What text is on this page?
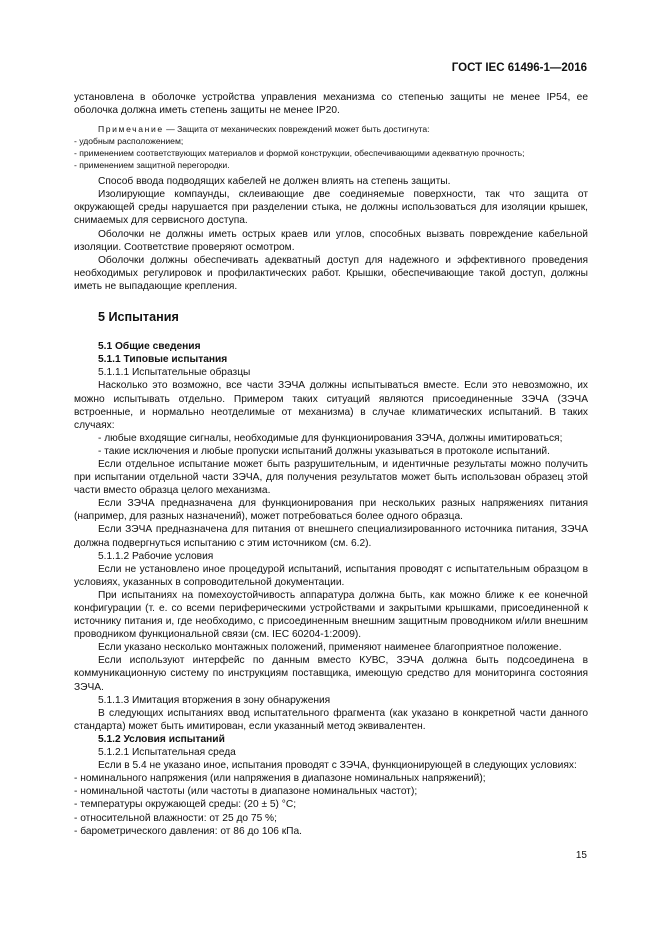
ГОСТ IEC 61496-1—2016

установлена в оболочке устройства управления механизма со степенью защиты не менее IP54, ее оболочка должна иметь степень защиты не менее IP20.

Примечание — Защита от механических повреждений может быть достигнута:

- удобным расположением;

- применением соответствующих материалов и формой конструкции, обеспечивающими адекватную прочность;

- применением защитной перегородки.

Способ ввода подводящих кабелей не должен влиять на степень защиты.

Изолирующие компаунды, склеивающие две соединяемые поверхности, так что защита от окружающей среды нарушается при разделении стыка, не должны использоваться для изоляции крышек, снимаемых для сервисного доступа.

Оболочки не должны иметь острых краев или углов, способных вызвать повреждение кабельной изоляции. Соответствие проверяют осмотром.

Оболочки должны обеспечивать адекватный доступ для надежного и эффективного проведения необходимых регулировок и профилактических работ. Крышки, обеспечивающие такой доступ, должны иметь не выпадающие крепления.

5 Испытания

5.1 Общие сведения

5.1.1 Типовые испытания

5.1.1.1 Испытательные образцы

Насколько это возможно, все части ЗЭЧА должны испытываться вместе. Если это невозможно, их можно испытывать отдельно. Примером таких ситуаций являются присоединенные ЗЭЧА (ЗЭЧА встроенные, и нормально неотделимые от механизма) в случае климатических испытаний. В таких случаях:

- любые входящие сигналы, необходимые для функционирования ЗЭЧА, должны имитироваться;

- такие исключения и любые пропуски испытаний должны указываться в протоколе испытаний.

Если отдельное испытание может быть разрушительным, и идентичные результаты можно получить при испытании отдельной части ЗЭЧА, для получения результатов может быть использован образец этой части вместо образца целого механизма.

Если ЗЭЧА предназначена для функционирования при нескольких разных напряжениях питания (например, для разных назначений), может потребоваться более одного образца.

Если ЗЭЧА предназначена для питания от внешнего специализированного источника питания, ЗЭЧА должна подвергнуться испытанию с этим источником (см. 6.2).

5.1.1.2 Рабочие условия

Если не установлено иное процедурой испытаний, испытания проводят с испытательным образцом в условиях, указанных в сопроводительной документации.

При испытаниях на помехоустойчивость аппаратура должна быть, как можно ближе к ее конечной конфигурации (т. е. со всеми периферическими устройствами и закрытыми крышками, присоединенной к источнику питания и, где необходимо, с присоединенным внешним защитным проводником и/или внешним проводником функциональной связи (см. IEC 60204-1:2009).

Если указано несколько монтажных положений, применяют наименее благоприятное положение.

Если используют интерфейс по данным вместо КУВС, ЗЭЧА должна быть подсоединена в коммуникационную систему по инструкциям поставщика, имеющую средство для мониторинга состояния ЗЭЧА.

5.1.1.3 Имитация вторжения в зону обнаружения

В следующих испытаниях ввод испытательного фрагмента (как указано в конкретной части данного стандарта) может быть имитирован, если указанный метод эквивалентен.

5.1.2 Условия испытаний

5.1.2.1 Испытательная среда

Если в 5.4 не указано иное, испытания проводят с ЗЭЧА, функционирующей в следующих условиях:

- номинального напряжения (или напряжения в диапазоне номинальных напряжений);

- номинальной частоты (или частоты в диапазоне номинальных частот);

- температуры окружающей среды: (20 ± 5) °С;

- относительной влажности: от 25 до 75 %;

- барометрического давления: от 86 до 106 кПа.

15
